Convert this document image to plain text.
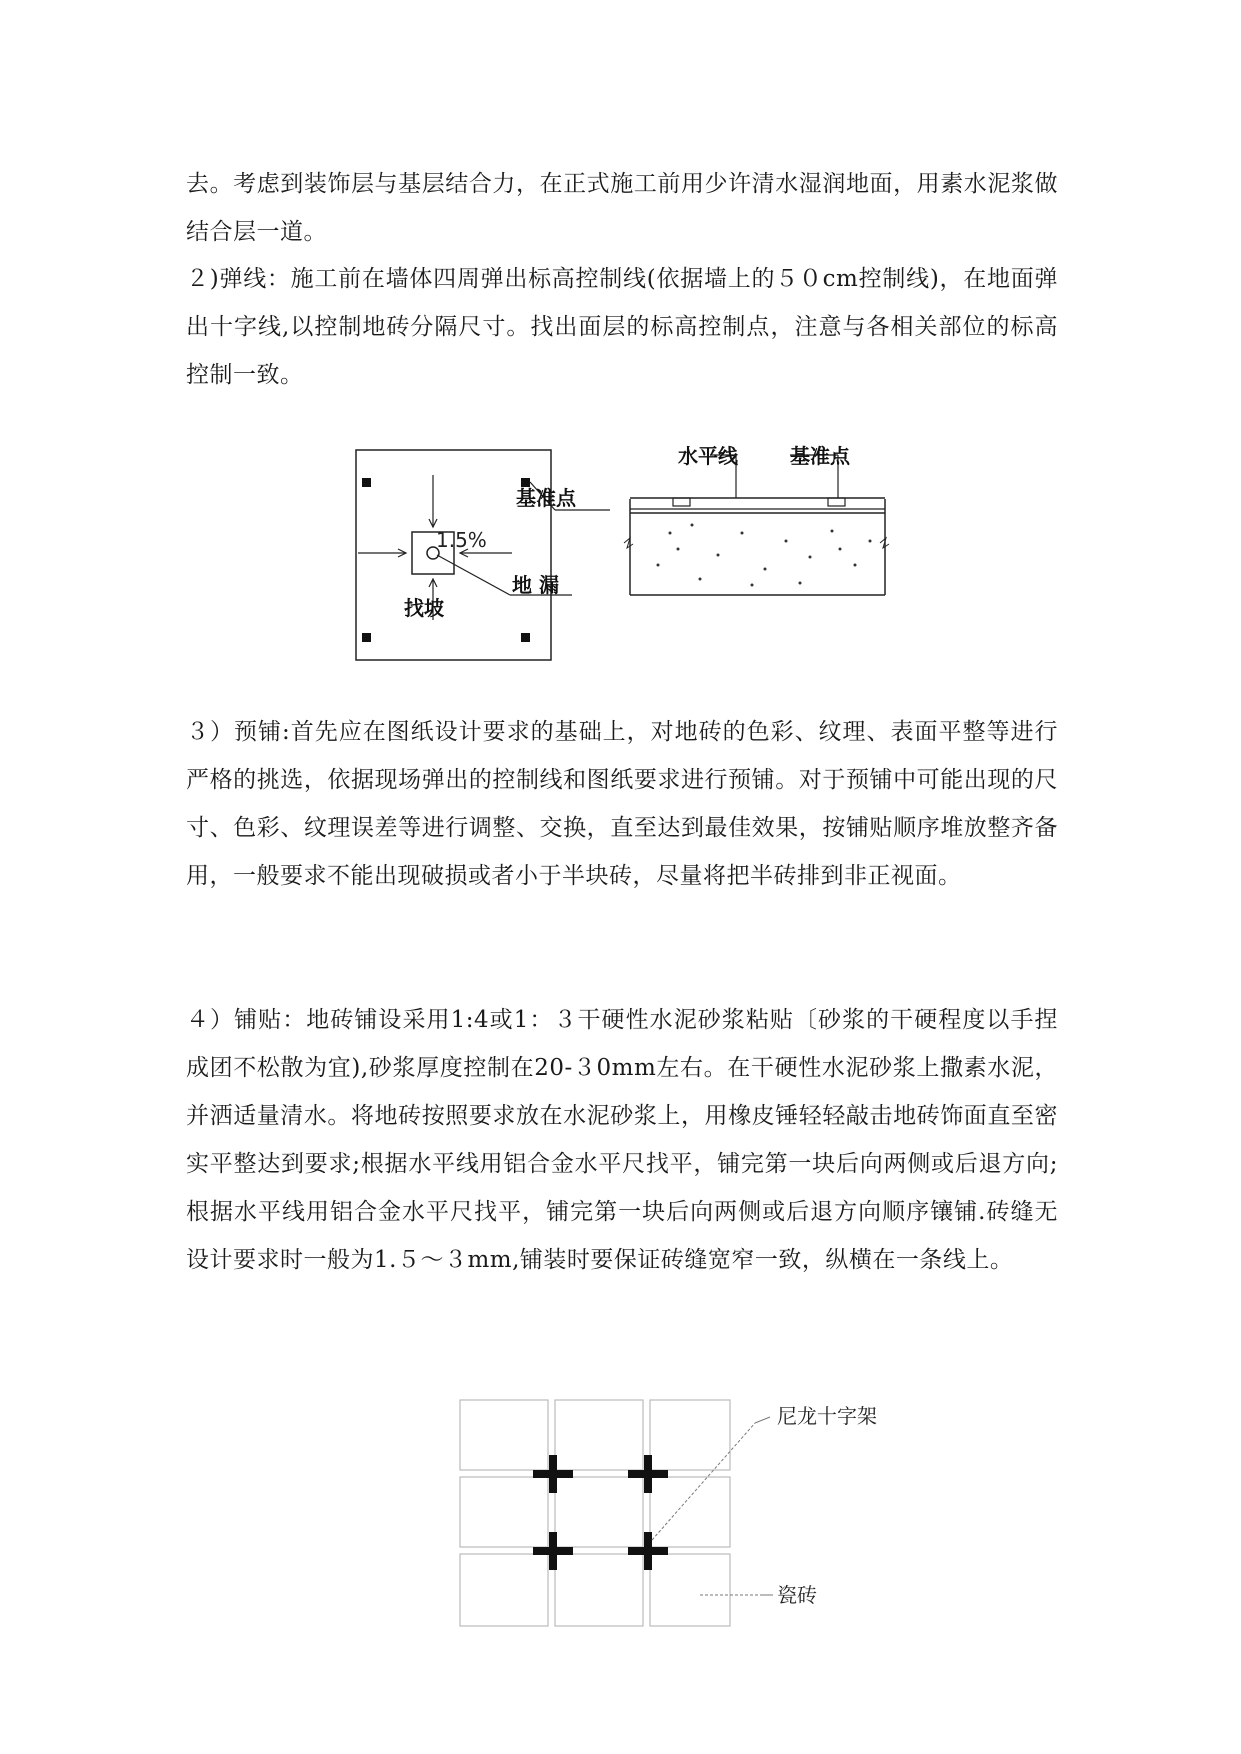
去。考虑到装饰层与基层结合力，在正式施工前用少许清水湿润地面，用素水泥浆做结合层一道。

２)弹线：施工前在墙体四周弹出标高控制线(依据墙上的５０cm控制线)，在地面弹出十字线,以控制地砖分隔尺寸。找出面层的标高控制点，注意与各相关部位的标高控制一致。

基准点
1.5%
地 漏
找坡
水平线	基准点

３）预铺:首先应在图纸设计要求的基础上，对地砖的色彩、纹理、表面平整等进行严格的挑选，依据现场弹出的控制线和图纸要求进行预铺。对于预铺中可能出现的尺寸、色彩、纹理误差等进行调整、交换，直至达到最佳效果，按铺贴顺序堆放整齐备用，一般要求不能出现破损或者小于半块砖，尽量将把半砖排到非正视面。

４）铺贴：地砖铺设采用1:4或1：３干硬性水泥砂浆粘贴〔砂浆的干硬程度以手捏成团不松散为宜),砂浆厚度控制在20-３0mm左右。在干硬性水泥砂浆上撒素水泥，并洒适量清水。将地砖按照要求放在水泥砂浆上，用橡皮锤轻轻敲击地砖饰面直至密实平整达到要求;根据水平线用铝合金水平尺找平，铺完第一块后向两侧或后退方向;根据水平线用铝合金水平尺找平，铺完第一块后向两侧或后退方向顺序镶铺.砖缝无设计要求时一般为1.５～３mm,铺装时要保证砖缝宽窄一致，纵横在一条线上。

尼龙十字架
瓷砖
